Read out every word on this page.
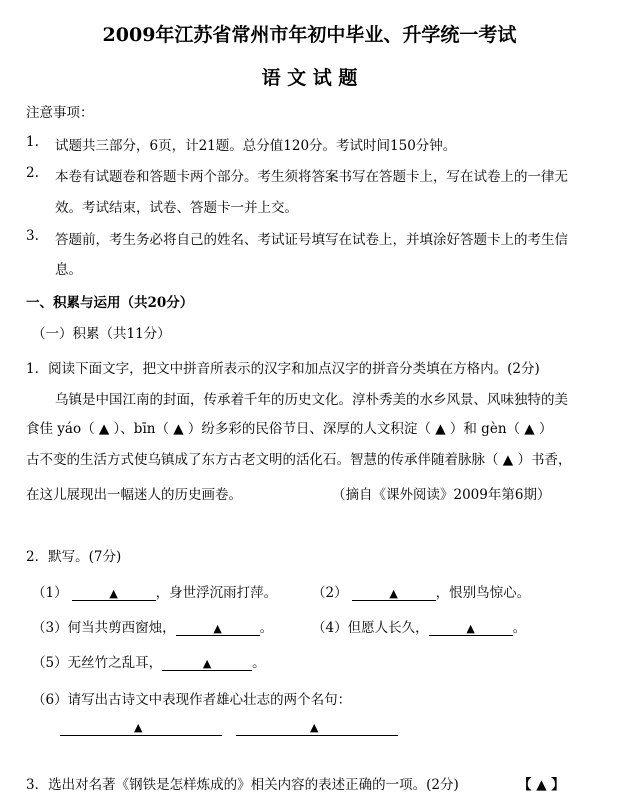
2009年江苏省常州市年初中毕业、升学统一考试
语 文 试 题
注意事项：
1. 试题共三部分，6页，计21题。总分值120分。考试时间150分钟。
2. 本卷有试题卷和答题卡两个部分。考生须将答案书写在答题卡上，写在试卷上的一律无
效。考试结束，试卷、答题卡一并上交。
3. 答题前，考生务必将自己的姓名、考试证号填写在试卷上，并填涂好答题卡上的考生信
息。
一、积累与运用（共20分）
（一）积累（共11分）
1．阅读下面文字，把文中拼音所表示的汉字和加点汉字的拼音分类填在方格内。(2分)
乌镇是中国江南的封面，传承着千年的历史文化。淳朴秀美的水乡风景、风味独特的美
食佳 yáo（ ▲ ）、bīn（ ▲ ）纷多彩的民俗节日、深厚的人文积淀（ ▲ ）和 gèn（ ▲ ）
古不变的生活方式使乌镇成了东方古老文明的活化石。智慧的传承伴随着脉脉（ ▲ ）书香，
在这儿展现出一幅迷人的历史画卷。	（摘自《课外阅读》2009年第6期）
2．默写。(7分)
（1）	▲	，身世浮沉雨打萍。	（2）	▲	，恨别鸟惊心。
（3）何当共剪西窗烛，	▲	。	（4）但愿人长久，	▲	。
（5）无丝竹之乱耳，	▲	。
（6）请写出古诗文中表现作者雄心壮志的两个名句：
▲	▲
3．选出对名著《钢铁是怎样炼成的》相关内容的表述正确的一项。(2分)	【 ▲ 】
